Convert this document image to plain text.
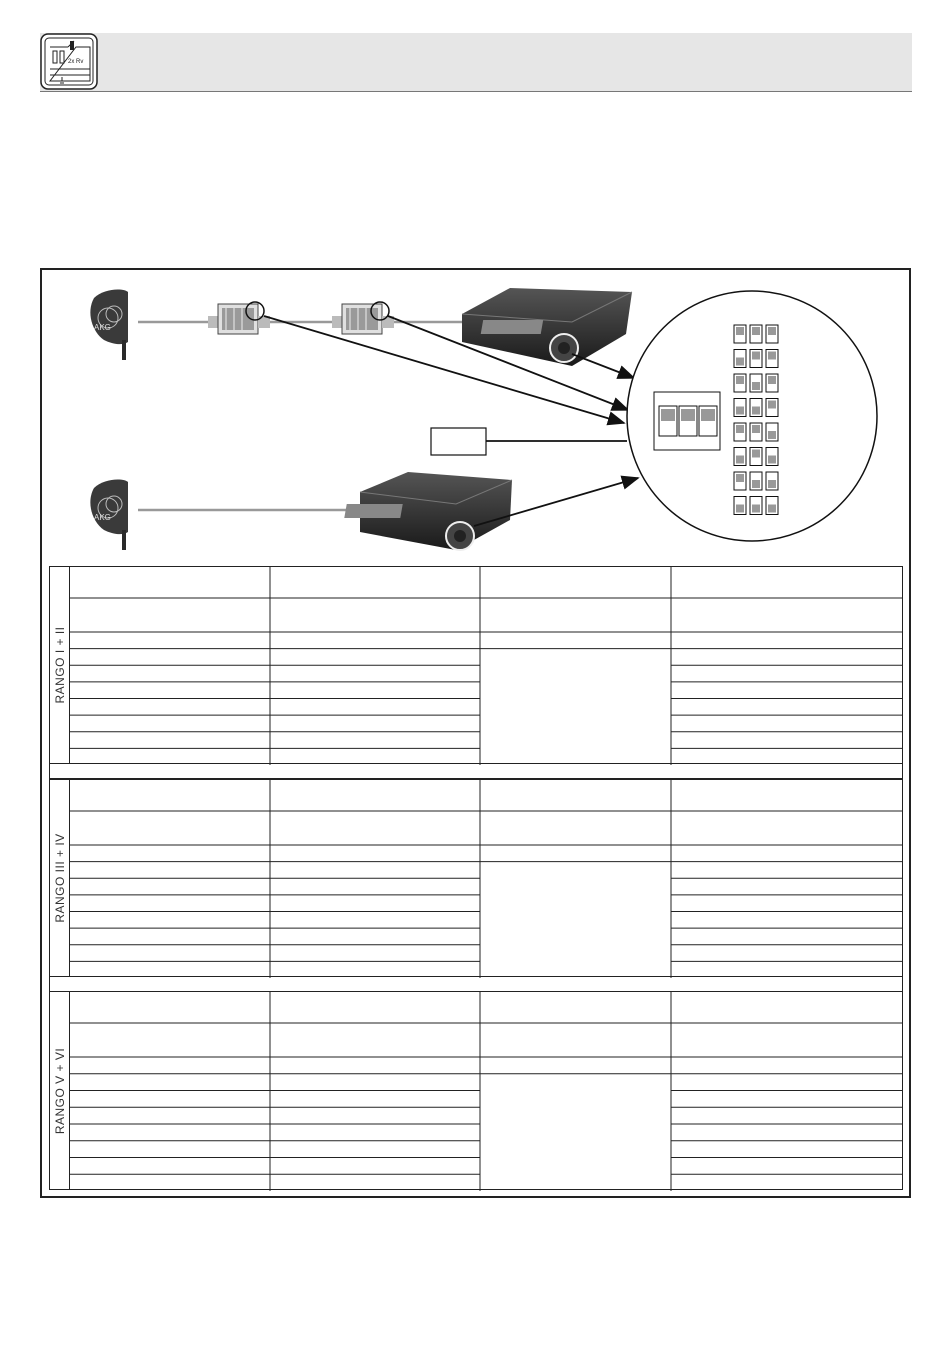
2x Rv
AKG
AKG
RANGO I + II
RANGO III + IV
RANGO V + VI
